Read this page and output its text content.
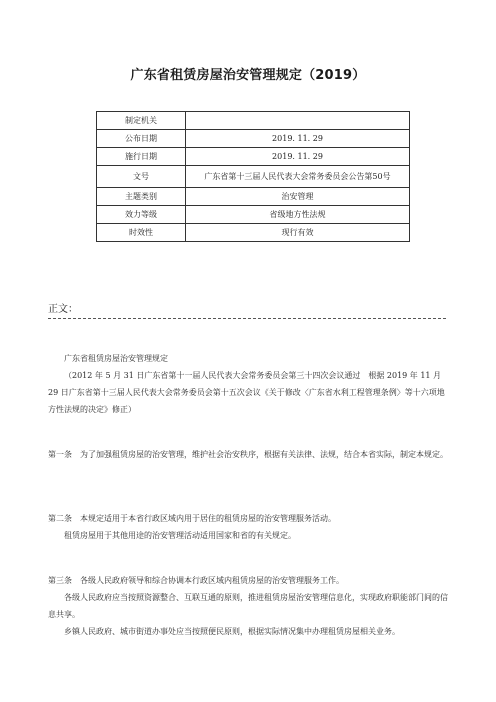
广东省租赁房屋治安管理规定（2019）
制定机关	
公布日期	2019. 11. 29
施行日期	2019. 11. 29
文号	广东省第十三届人民代表大会常务委员会公告第50号
主题类别	治安管理
效力等级	省级地方性法规
时效性	现行有效
正文：

广东省租赁房屋治安管理规定

（2012 年 5 月 31 日广东省第十一届人民代表大会常务委员会第三十四次会议通过　根据 2019 年 11 月 29 日广东省第十三届人民代表大会常务委员会第十五次会议《关于修改〈广东省水利工程管理条例〉等十六项地方性法规的决定》修正）

第一条　为了加强租赁房屋的治安管理，维护社会治安秩序，根据有关法律、法规，结合本省实际，制定本规定。

第二条　本规定适用于本省行政区域内用于居住的租赁房屋的治安管理服务活动。

租赁房屋用于其他用途的治安管理活动适用国家和省的有关规定。

第三条　各级人民政府领导和综合协调本行政区域内租赁房屋的治安管理服务工作。

各级人民政府应当按照资源整合、互联互通的原则，推进租赁房屋治安管理信息化，实现政府职能部门间的信息共享。

乡镇人民政府、城市街道办事处应当按照便民原则，根据实际情况集中办理租赁房屋相关业务。
